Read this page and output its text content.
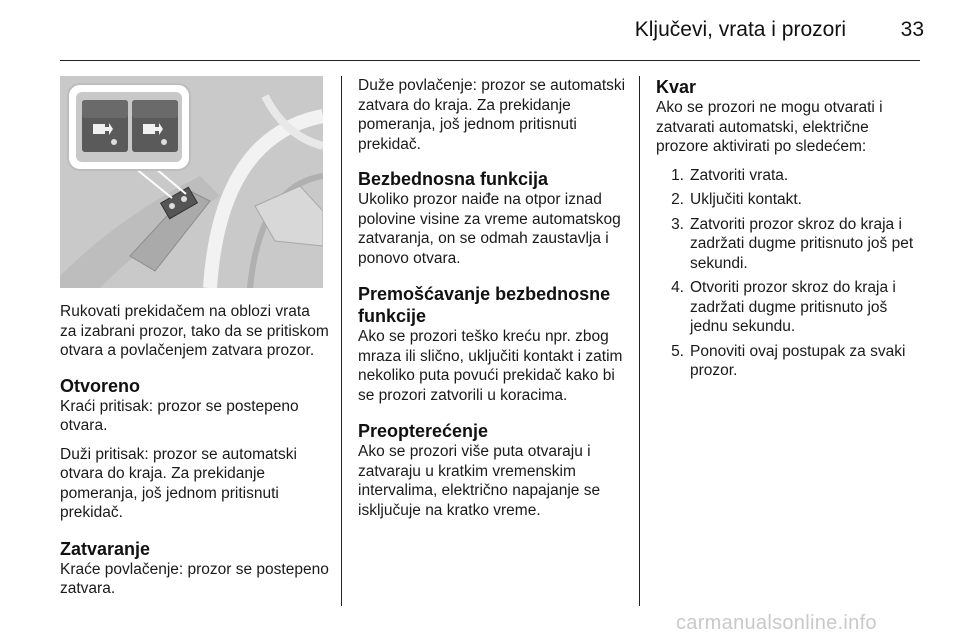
Ključevi, vrata i prozori	33

Rukovati prekidačem na oblozi vrata za izabrani prozor, tako da se pritiskom otvara a povlačenjem zatvara prozor.

Otvoreno

Kraći pritisak: prozor se postepeno otvara.

Duži pritisak: prozor se automatski otvara do kraja. Za prekidanje pomeranja, još jednom pritisnuti prekidač.

Zatvaranje

Kraće povlačenje: prozor se postepeno zatvara.

Duže povlačenje: prozor se automatski zatvara do kraja. Za prekidanje pomeranja, još jednom pritisnuti prekidač.

Bezbednosna funkcija

Ukoliko prozor naiđe na otpor iznad polovine visine za vreme automatskog zatvaranja, on se odmah zaustavlja i ponovo otvara.

Premošćavanje bezbednosne funkcije

Ako se prozori teško kreću npr. zbog mraza ili slično, uključiti kontakt i zatim nekoliko puta povući prekidač kako bi se prozori zatvorili u koracima.

Preopterećenje

Ako se prozori više puta otvaraju i zatvaraju u kratkim vremenskim intervalima, električno napajanje se isključuje na kratko vreme.

Kvar

Ako se prozori ne mogu otvarati i zatvarati automatski, električne prozore aktivirati po sledećem:

1. Zatvoriti vrata.
2. Uključiti kontakt.
3. Zatvoriti prozor skroz do kraja i zadržati dugme pritisnuto još pet sekundi.
4. Otvoriti prozor skroz do kraja i zadržati dugme pritisnuto još jednu sekundu.
5. Ponoviti ovaj postupak za svaki prozor.
carmanualsonline.info
